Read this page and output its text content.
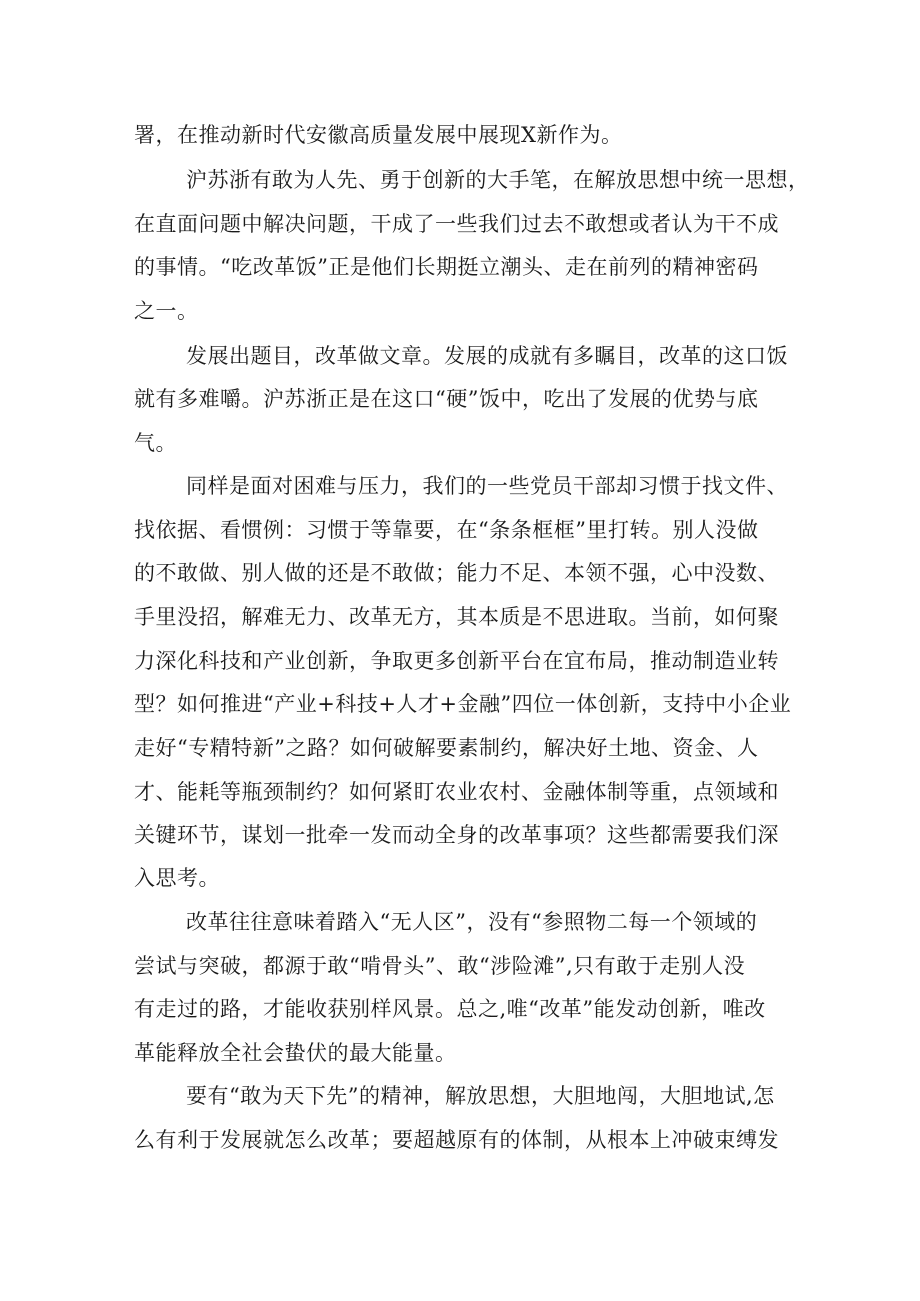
署，在推动新时代安徽高质量发展中展现X新作为。
沪苏浙有敢为人先、勇于创新的大手笔，在解放思想中统一思想，
在直面问题中解决问题，干成了一些我们过去不敢想或者认为干不成
的事情。“吃改革饭”正是他们长期挺立潮头、走在前列的精神密码
之一。
发展出题目，改革做文章。发展的成就有多瞩目，改革的这口饭
就有多难嚼。沪苏浙正是在这口“硬”饭中，吃出了发展的优势与底
气。
同样是面对困难与压力，我们的一些党员干部却习惯于找文件、
找依据、看惯例：习惯于等靠要，在“条条框框”里打转。别人没做
的不敢做、别人做的还是不敢做；能力不足、本领不强，心中没数、
手里没招，解难无力、改革无方，其本质是不思进取。当前，如何聚
力深化科技和产业创新，争取更多创新平台在宜布局，推动制造业转
型？如何推进“产业+科技+人才+金融”四位一体创新，支持中小企业
走好“专精特新”之路？如何破解要素制约，解决好土地、资金、人
才、能耗等瓶颈制约？如何紧盯农业农村、金融体制等重，点领域和
关键环节，谋划一批牵一发而动全身的改革事项？这些都需要我们深
入思考。
改革往往意味着踏入“无人区”，没有“参照物二每一个领域的
尝试与突破，都源于敢“啃骨头”、敢“涉险滩”,只有敢于走别人没
有走过的路，才能收获别样风景。总之,唯“改革”能发动创新，唯改
革能释放全社会蛰伏的最大能量。
要有“敢为天下先”的精神，解放思想，大胆地闯，大胆地试,怎
么有利于发展就怎么改革；要超越原有的体制，从根本上冲破束缚发
